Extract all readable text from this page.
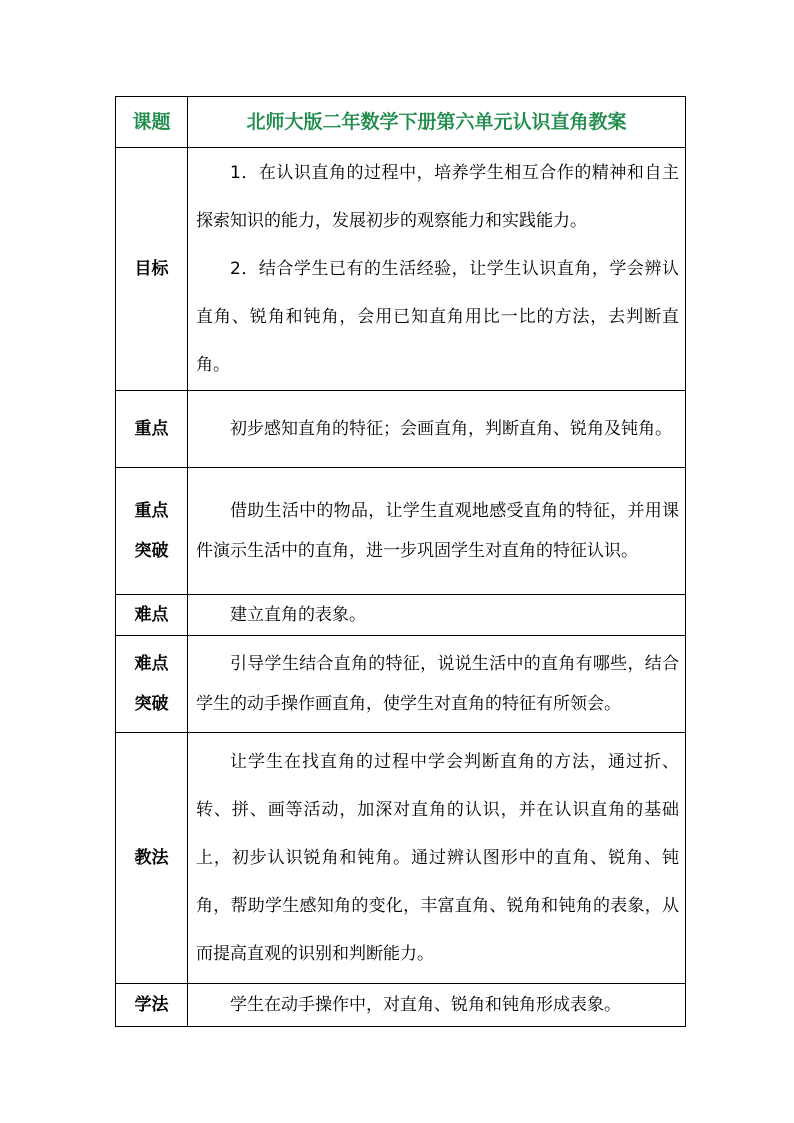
课题	北师大版二年数学下册第六单元认识直角教案

目标	1．在认识直角的过程中，培养学生相互合作的精神和自主探索知识的能力，发展初步的观察能力和实践能力。

2．结合学生已有的生活经验，让学生认识直角，学会辨认直角、锐角和钝角，会用已知直角用比一比的方法，去判断直角。

重点	初步感知直角的特征；会画直角，判断直角、锐角及钝角。

重点
突破	借助生活中的物品，让学生直观地感受直角的特征，并用课件演示生活中的直角，进一步巩固学生对直角的特征认识。

难点	建立直角的表象。

难点
突破	引导学生结合直角的特征，说说生活中的直角有哪些，结合学生的动手操作画直角，使学生对直角的特征有所领会。

教法	让学生在找直角的过程中学会判断直角的方法，通过折、转、拼、画等活动，加深对直角的认识，并在认识直角的基础上，初步认识锐角和钝角。通过辨认图形中的直角、锐角、钝角，帮助学生感知角的变化，丰富直角、锐角和钝角的表象，从而提高直观的识别和判断能力。

学法	学生在动手操作中，对直角、锐角和钝角形成表象。
